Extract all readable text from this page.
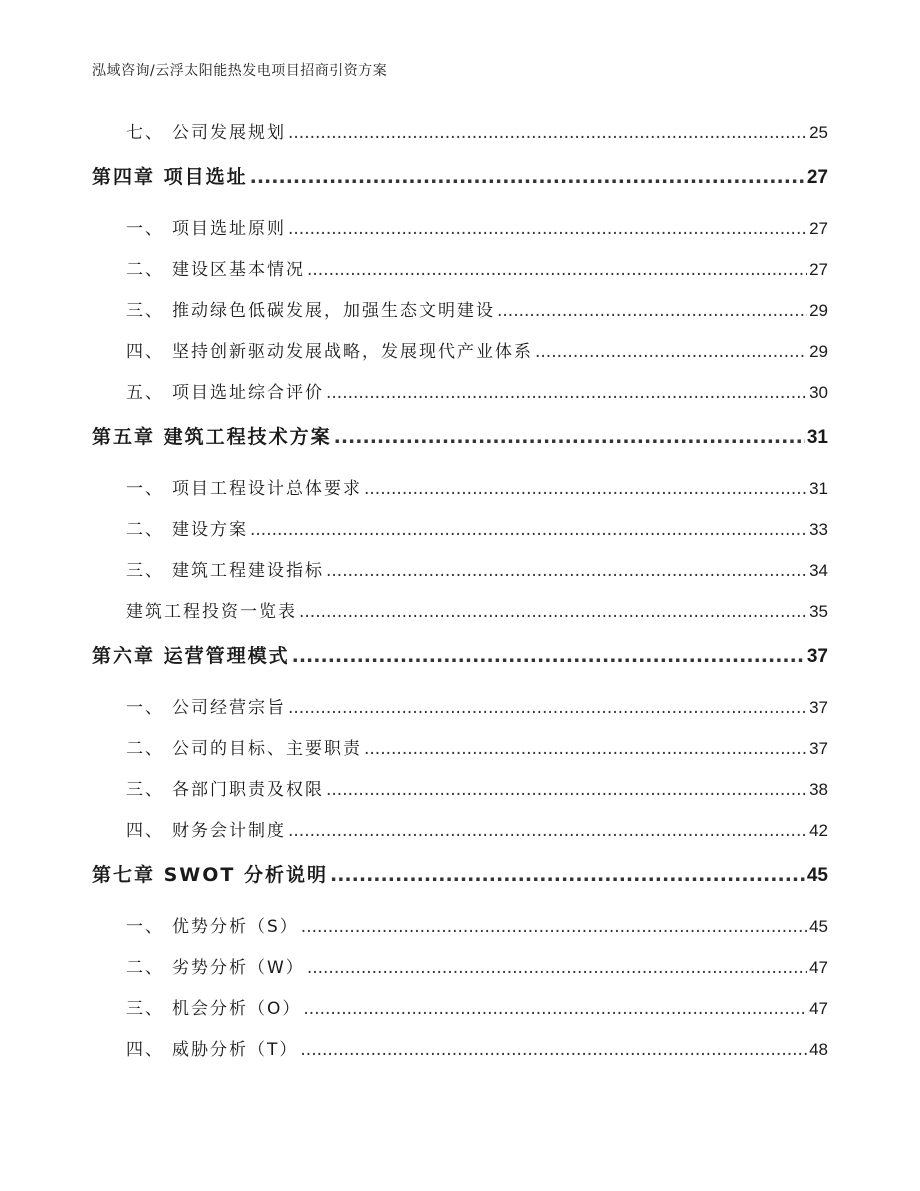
泓域咨询/云浮太阳能热发电项目招商引资方案
七、 公司发展规划 .....	25
第四章 项目选址 .....	27
一、 项目选址原则 .....	27
二、 建设区基本情况 .....	27
三、 推动绿色低碳发展，加强生态文明建设 .....	29
四、 坚持创新驱动发展战略，发展现代产业体系 .....	29
五、 项目选址综合评价 .....	30
第五章 建筑工程技术方案 .....	31
一、 项目工程设计总体要求 .....	31
二、 建设方案 .....	33
三、 建筑工程建设指标 .....	34
建筑工程投资一览表 .....	35
第六章 运营管理模式 .....	37
一、 公司经营宗旨 .....	37
二、 公司的目标、主要职责 .....	37
三、 各部门职责及权限 .....	38
四、 财务会计制度 .....	42
第七章 SWOT 分析说明 .....	45
一、 优势分析（S） .....	45
二、 劣势分析（W） .....	47
三、 机会分析（O） .....	47
四、 威胁分析（T） .....	48
